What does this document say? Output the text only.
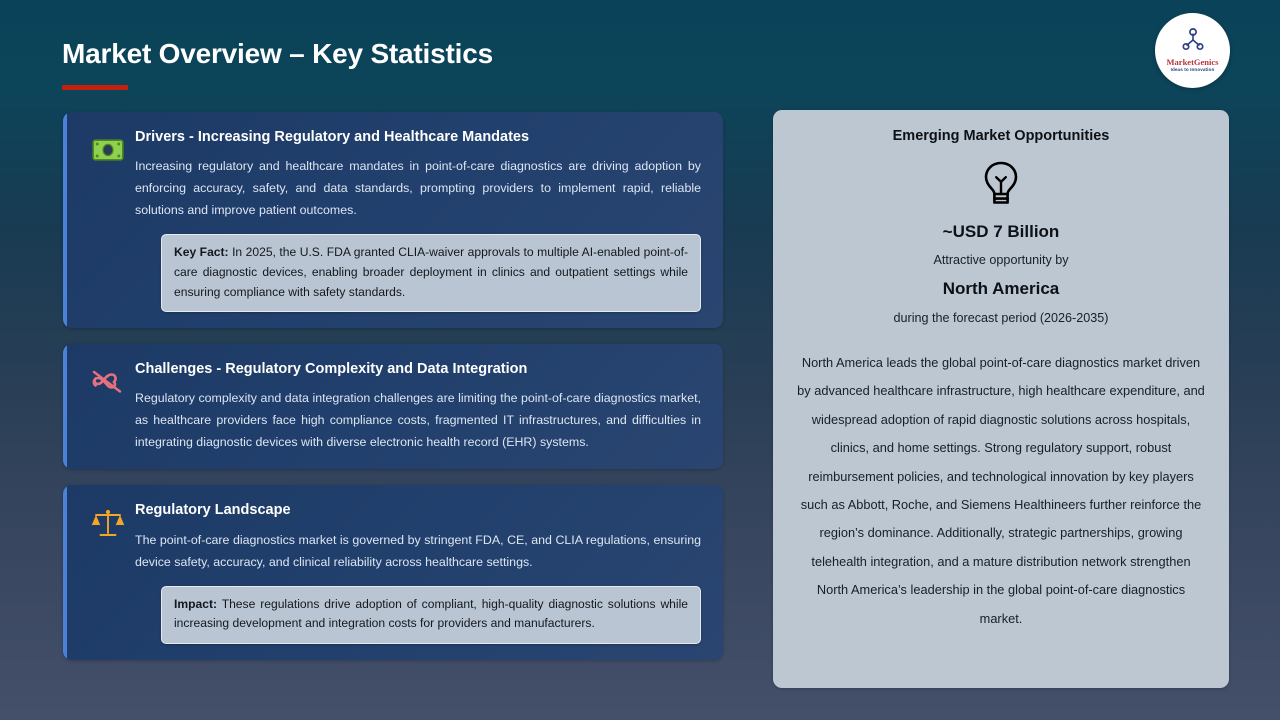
Market Overview – Key Statistics	MarketGenics
Ideas to Innovation
Drivers - Increasing Regulatory and Healthcare Mandates
Increasing regulatory and healthcare mandates in point-of-care diagnostics are driving adoption by enforcing accuracy, safety, and data standards, prompting providers to implement rapid, reliable solutions and improve patient outcomes.
Key Fact: In 2025, the U.S. FDA granted CLIA-waiver approvals to multiple AI-enabled point-of-care diagnostic devices, enabling broader deployment in clinics and outpatient settings while ensuring compliance with safety standards.
Challenges - Regulatory Complexity and Data Integration
Regulatory complexity and data integration challenges are limiting the point-of-care diagnostics market, as healthcare providers face high compliance costs, fragmented IT infrastructures, and difficulties in integrating diagnostic devices with diverse electronic health record (EHR) systems.
Regulatory Landscape
The point-of-care diagnostics market is governed by stringent FDA, CE, and CLIA regulations, ensuring device safety, accuracy, and clinical reliability across healthcare settings.
Impact: These regulations drive adoption of compliant, high-quality diagnostic solutions while increasing development and integration costs for providers and manufacturers.
Emerging Market Opportunities
~USD 7 Billion
Attractive opportunity by
North America
during the forecast period (2026-2035)
North America leads the global point-of-care diagnostics market driven by advanced healthcare infrastructure, high healthcare expenditure, and widespread adoption of rapid diagnostic solutions across hospitals, clinics, and home settings. Strong regulatory support, robust reimbursement policies, and technological innovation by key players such as Abbott, Roche, and Siemens Healthineers further reinforce the region’s dominance. Additionally, strategic partnerships, growing telehealth integration, and a mature distribution network strengthen North America’s leadership in the global point-of-care diagnostics market.
